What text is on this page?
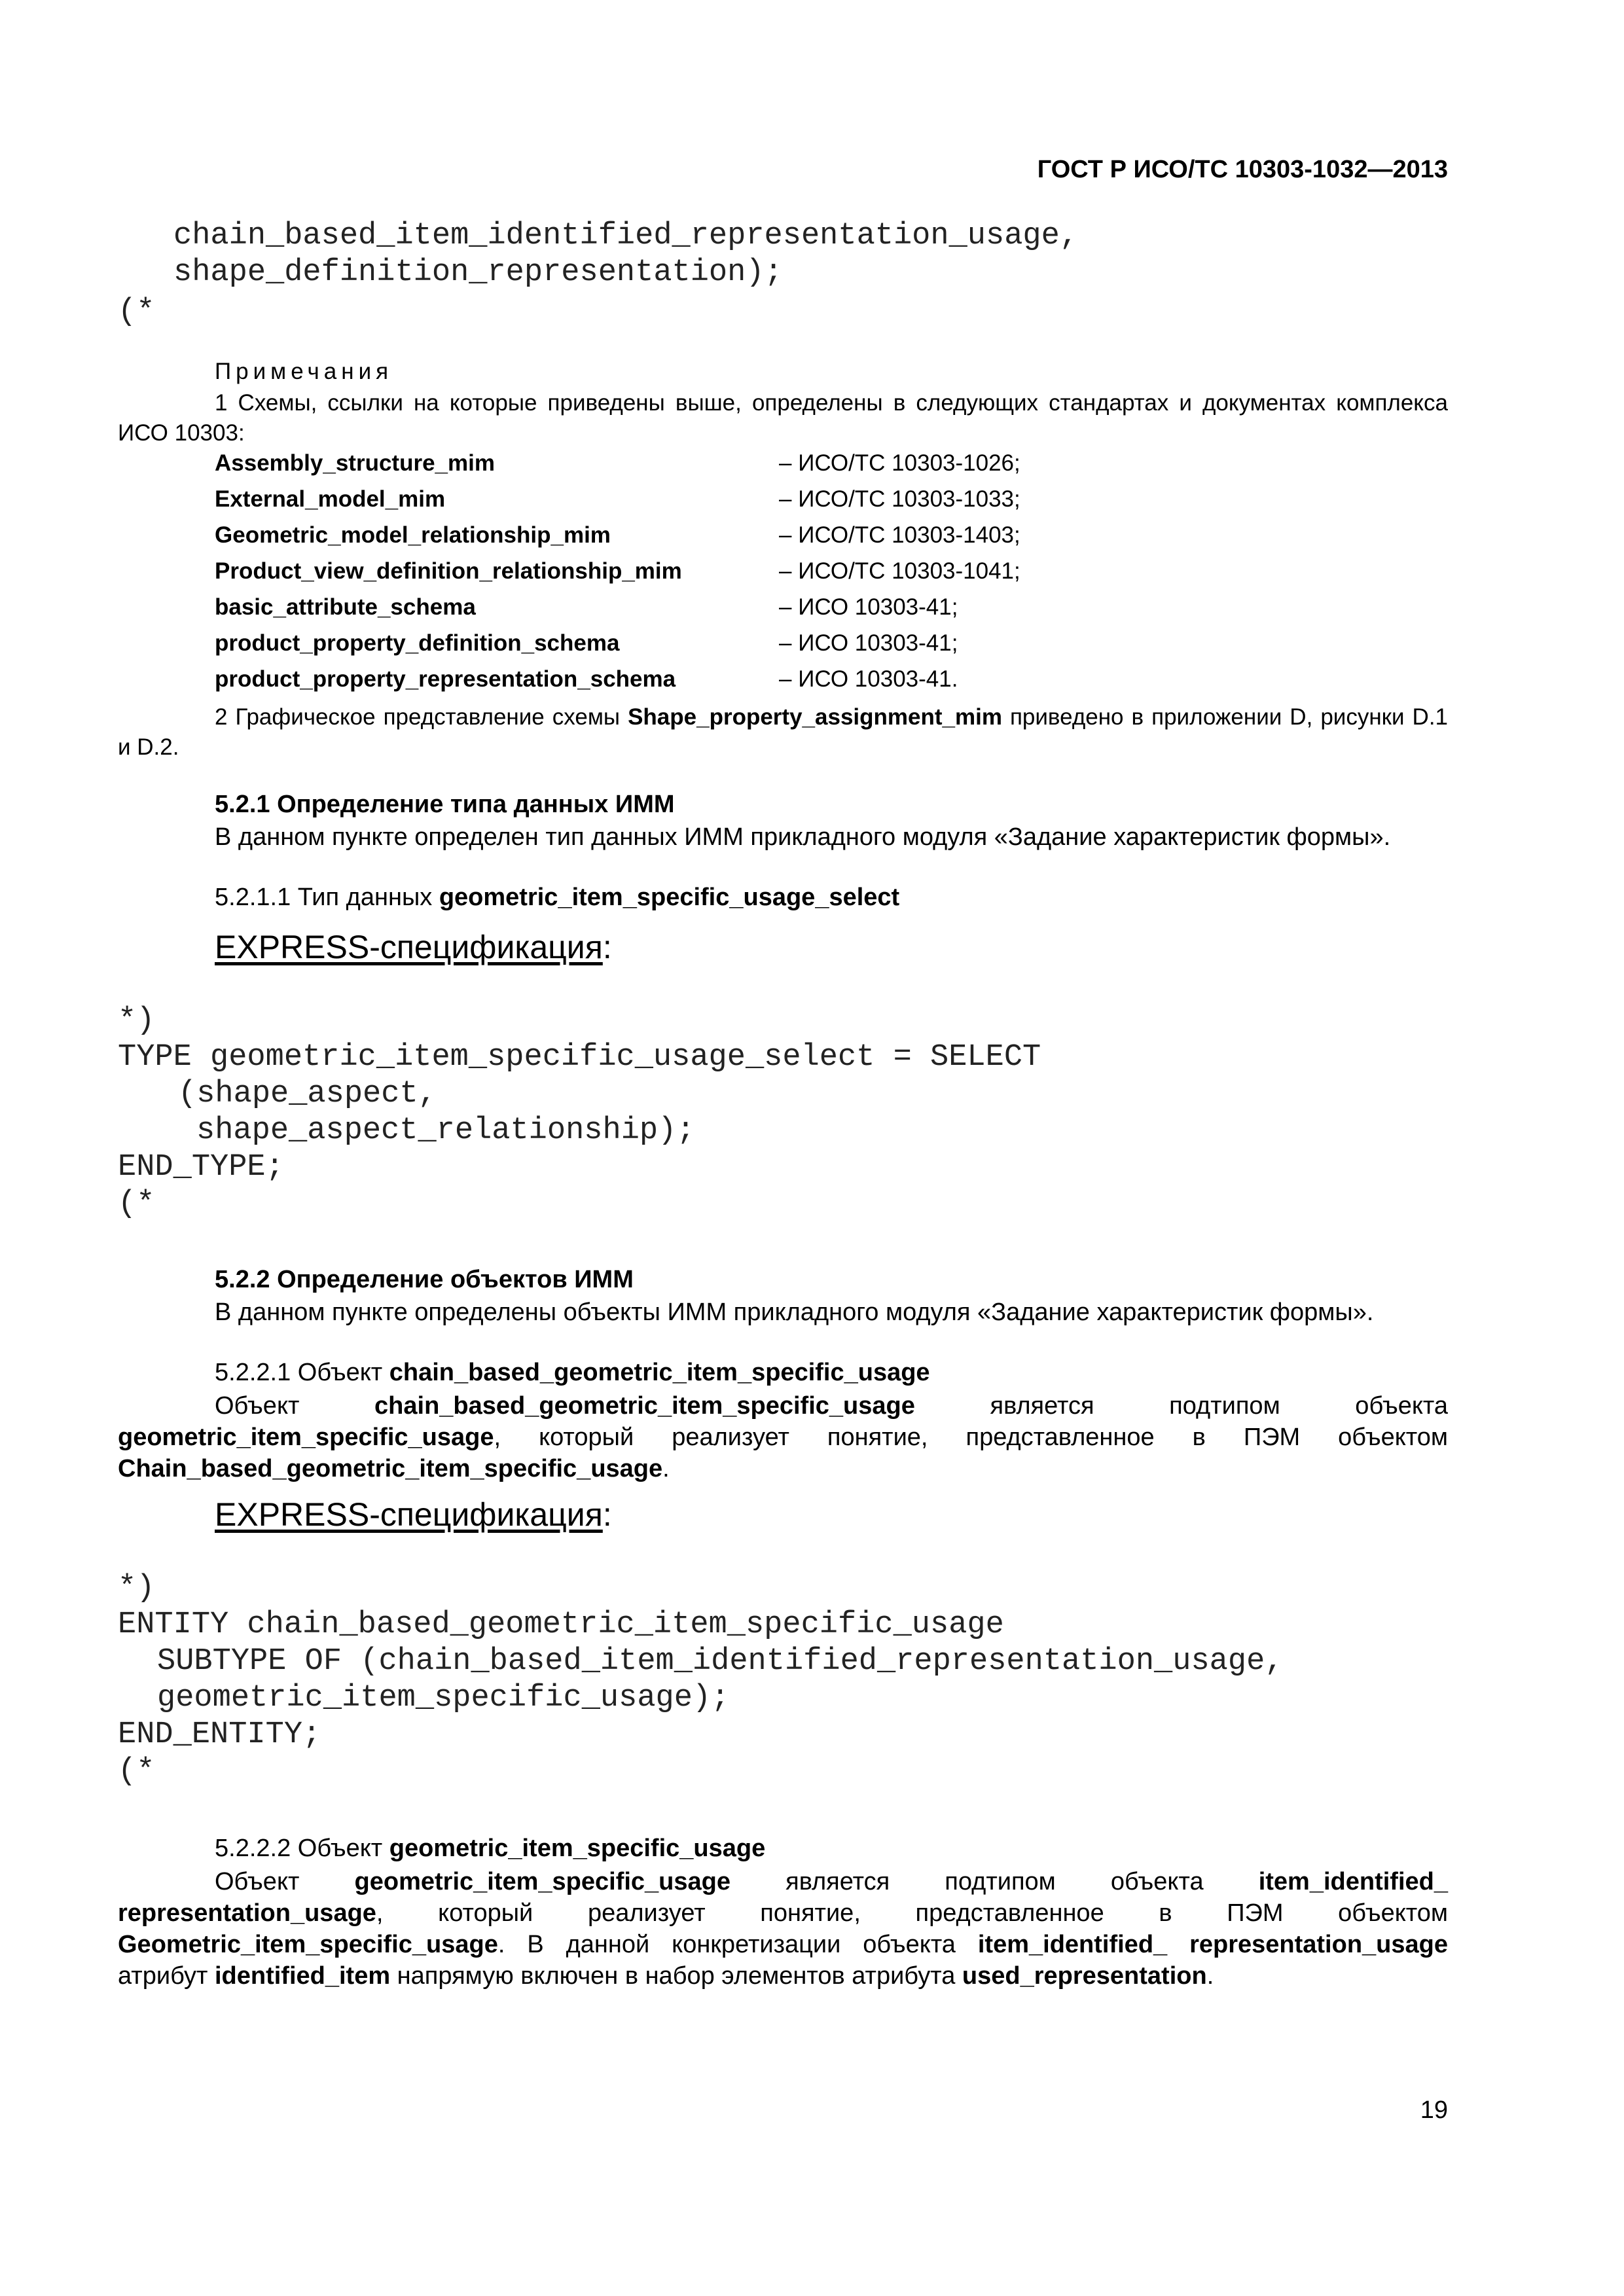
ГОСТ Р ИСО/ТС 10303-1032—2013
chain_based_item_identified_representation_usage,
shape_definition_representation);
(*
Примечания
1 Схемы, ссылки на которые приведены выше, определены в следующих стандартах и документах комплекса ИСО 10303:
Assembly_structure_mim	– ИСО/ТС 10303-1026;
External_model_mim	– ИСО/ТС 10303-1033;
Geometric_model_relationship_mim	– ИСО/ТС 10303-1403;
Product_view_definition_relationship_mim	– ИСО/ТС 10303-1041;
basic_attribute_schema	– ИСО 10303-41;
product_property_definition_schema	– ИСО 10303-41;
product_property_representation_schema	– ИСО 10303-41.
2 Графическое представление схемы Shape_property_assignment_mim приведено в приложении D, рисунки D.1 и D.2.
5.2.1 Определение типа данных ИММ
В данном пункте определен тип данных ИММ прикладного модуля «Задание характеристик формы».
5.2.1.1 Тип данных geometric_item_specific_usage_select
EXPRESS-спецификация:
*)
TYPE geometric_item_specific_usage_select = SELECT
(shape_aspect,
shape_aspect_relationship);
END_TYPE;
(*
5.2.2 Определение объектов ИММ
В данном пункте определены объекты ИММ прикладного модуля «Задание характеристик формы».
5.2.2.1 Объект chain_based_geometric_item_specific_usage
Объект chain_based_geometric_item_specific_usage является подтипом объекта geometric_item_specific_usage, который реализует понятие, представленное в ПЭМ объектом Chain_based_geometric_item_specific_usage.
EXPRESS-спецификация:
*)
ENTITY chain_based_geometric_item_specific_usage
SUBTYPE OF (chain_based_item_identified_representation_usage,
geometric_item_specific_usage);
END_ENTITY;
(*
5.2.2.2 Объект geometric_item_specific_usage
Объект geometric_item_specific_usage является подтипом объекта item_identified_ representation_usage, который реализует понятие, представленное в ПЭМ объектом Geometric_item_specific_usage. В данной конкретизации объекта item_identified_ representation_usage атрибут identified_item напрямую включен в набор элементов атрибута used_representation.
19
